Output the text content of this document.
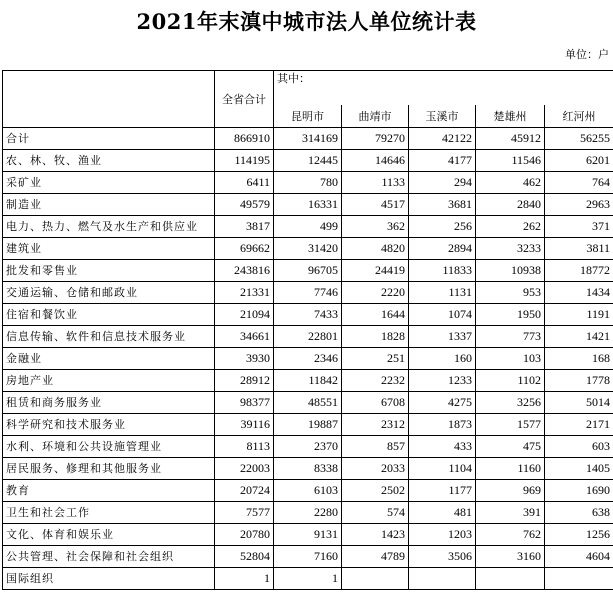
2021年末滇中城市法人单位统计表
单位：户
	全省合计	其中：				
		昆明市	曲靖市	玉溪市	楚雄州	红河州
合计	866910	314169	79270	42122	45912	56255
农、林、牧、渔业	114195	12445	14646	4177	11546	6201
采矿业	6411	780	1133	294	462	764
制造业	49579	16331	4517	3681	2840	2963
电力、热力、燃气及水生产和供应业	3817	499	362	256	262	371
建筑业	69662	31420	4820	2894	3233	3811
批发和零售业	243816	96705	24419	11833	10938	18772
交通运输、仓储和邮政业	21331	7746	2220	1131	953	1434
住宿和餐饮业	21094	7433	1644	1074	1950	1191
信息传输、软件和信息技术服务业	34661	22801	1828	1337	773	1421
金融业	3930	2346	251	160	103	168
房地产业	28912	11842	2232	1233	1102	1778
租赁和商务服务业	98377	48551	6708	4275	3256	5014
科学研究和技术服务业	39116	19887	2312	1873	1577	2171
水利、环境和公共设施管理业	8113	2370	857	433	475	603
居民服务、修理和其他服务业	22003	8338	2033	1104	1160	1405
教育	20724	6103	2502	1177	969	1690
卫生和社会工作	7577	2280	574	481	391	638
文化、体育和娱乐业	20780	9131	1423	1203	762	1256
公共管理、社会保障和社会组织	52804	7160	4789	3506	3160	4604
国际组织	1	1				
